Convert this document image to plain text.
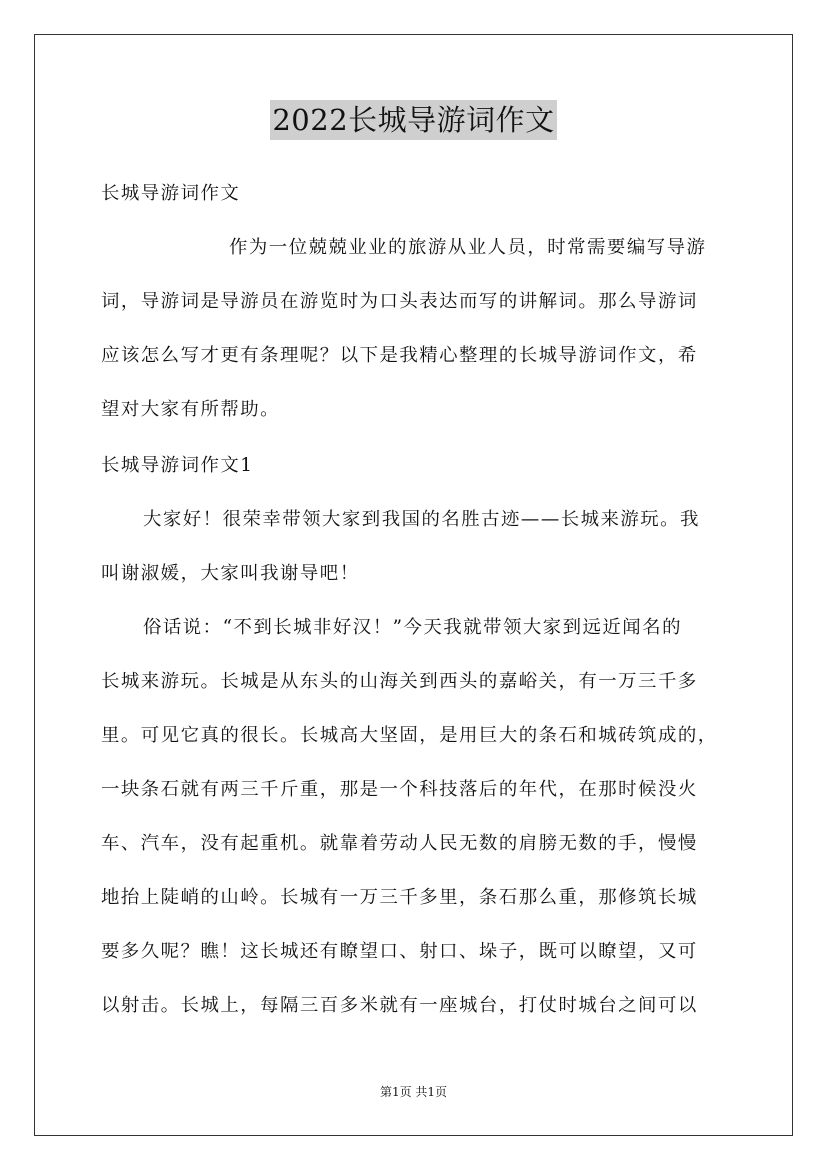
2022长城导游词作文
长城导游词作文
作为一位兢兢业业的旅游从业人员，时常需要编写导游
词，导游词是导游员在游览时为口头表达而写的讲解词。那么导游词
应该怎么写才更有条理呢？以下是我精心整理的长城导游词作文，希
望对大家有所帮助。
长城导游词作文1
大家好！很荣幸带领大家到我国的名胜古迹——长城来游玩。我
叫谢淑媛，大家叫我谢导吧！
俗话说：“不到长城非好汉！”今天我就带领大家到远近闻名的
长城来游玩。长城是从东头的山海关到西头的嘉峪关，有一万三千多
里。可见它真的很长。长城高大坚固，是用巨大的条石和城砖筑成的，
一块条石就有两三千斤重，那是一个科技落后的年代，在那时候没火
车、汽车，没有起重机。就靠着劳动人民无数的肩膀无数的手，慢慢
地抬上陡峭的山岭。长城有一万三千多里，条石那么重，那修筑长城
要多久呢？瞧！这长城还有瞭望口、射口、垛子，既可以瞭望，又可
以射击。长城上，每隔三百多米就有一座城台，打仗时城台之间可以
第1页 共1页
